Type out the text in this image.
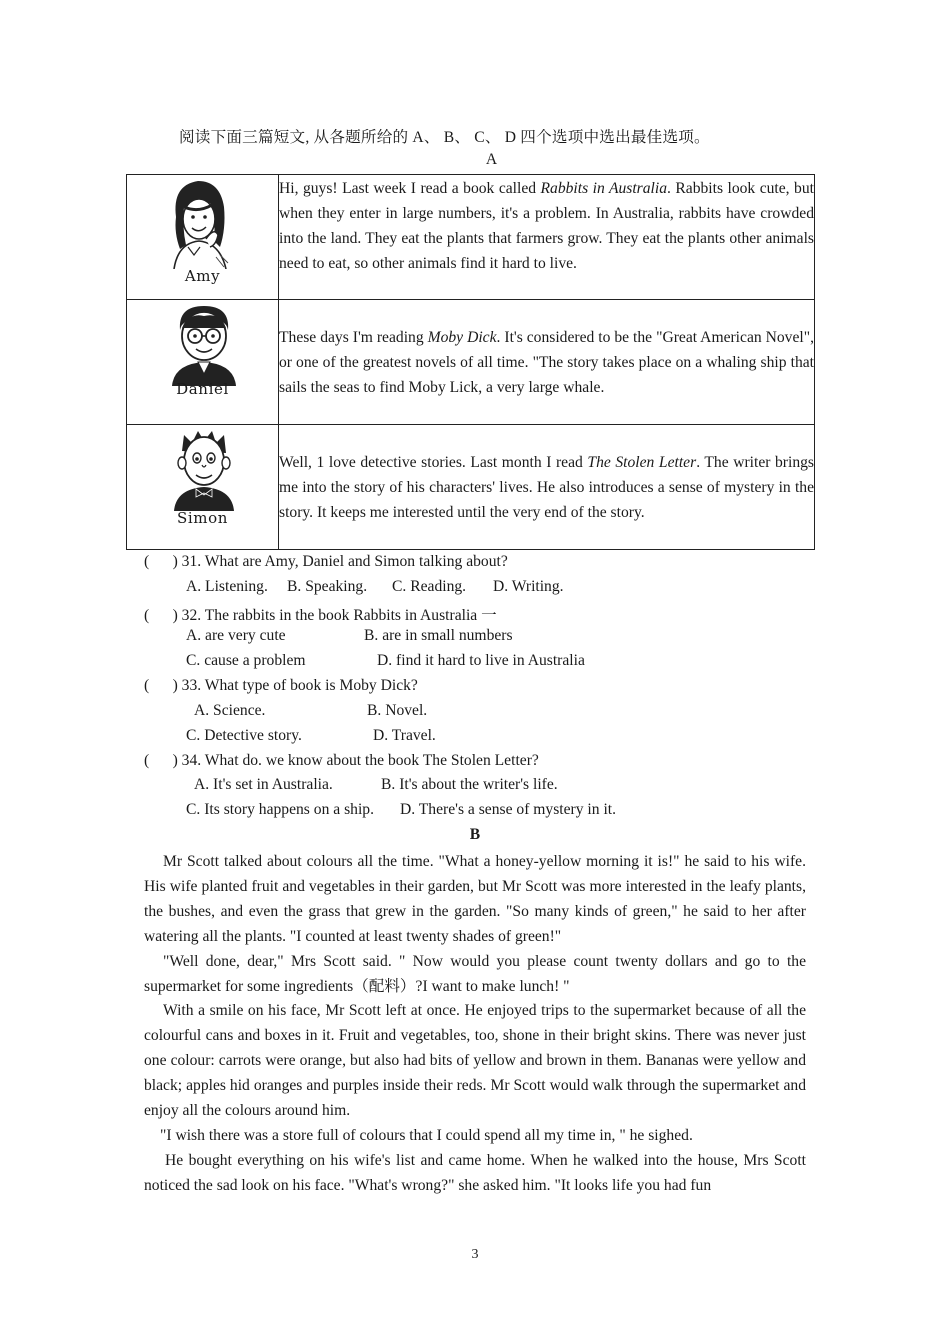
阅读下面三篇短文, 从各题所给的 A、 B、 C、 D 四个选项中选出最佳选项。
A
Amy	Hi, guys! Last week I read a book called Rabbits in Australia. Rabbits look cute, but when they enter in large numbers, it's a problem. In Australia, rabbits have crowded into the land. They eat the plants that farmers grow. They eat the plants other animals need to eat, so other animals find it hard to live.

Daniel	These days I'm reading Moby Dick. It's considered to be the "Great American Novel", or one of the greatest novels of all time. "The story takes place on a whaling ship that sails the seas to find Moby Lick, a very large whale.

Simon	Well, 1 love detective stories. Last month I read The Stolen Letter. The writer brings me into the story of his characters' lives. He also introduces a sense of mystery in the story. It keeps me interested until the very end of the story.
(      ) 31. What are Amy, Daniel and Simon talking about?
A. Listening. B. Speaking. C. Reading. D. Writing.
(      ) 32. The rabbits in the book Rabbits in Australia 一
A. are very cute	B. are in small numbers
C. cause a problem	D. find it hard to live in Australia
(      ) 33. What type of book is Moby Dick?
A. Science.	B. Novel.
C. Detective story.	D. Travel.
(      ) 34. What do. we know about the book The Stolen Letter?
A. It's set in Australia.	B. It's about the writer's life.
C. Its story happens on a ship. D. There's a sense of mystery in it.
B
Mr Scott talked about colours all the time. "What a honey-yellow morning it is!" he said to his wife. His wife planted fruit and vegetables in their garden, but Mr Scott was more interested in the leafy plants, the bushes, and even the grass that grew in the garden. "So many kinds of green," he said to her after watering all the plants. "I counted at least twenty shades of green!"
"Well done, dear," Mrs Scott said. " Now would you please count twenty dollars and go to the supermarket for some ingredients（配料）?I want to make lunch! "
With a smile on his face, Mr Scott left at once. He enjoyed trips to the supermarket because of all the colourful cans and boxes in it. Fruit and vegetables, too, shone in their bright skins. There was never just one colour: carrots were orange, but also had bits of yellow and brown in them. Bananas were yellow and black; apples hid oranges and purples inside their reds. Mr Scott would walk through the supermarket and enjoy all the colours around him.
"I wish there was a store full of colours that I could spend all my time in, " he sighed.
He bought everything on his wife's list and came home. When he walked into the house, Mrs Scott noticed the sad look on his face. "What's wrong?" she asked him. "It looks life you had fun
3
